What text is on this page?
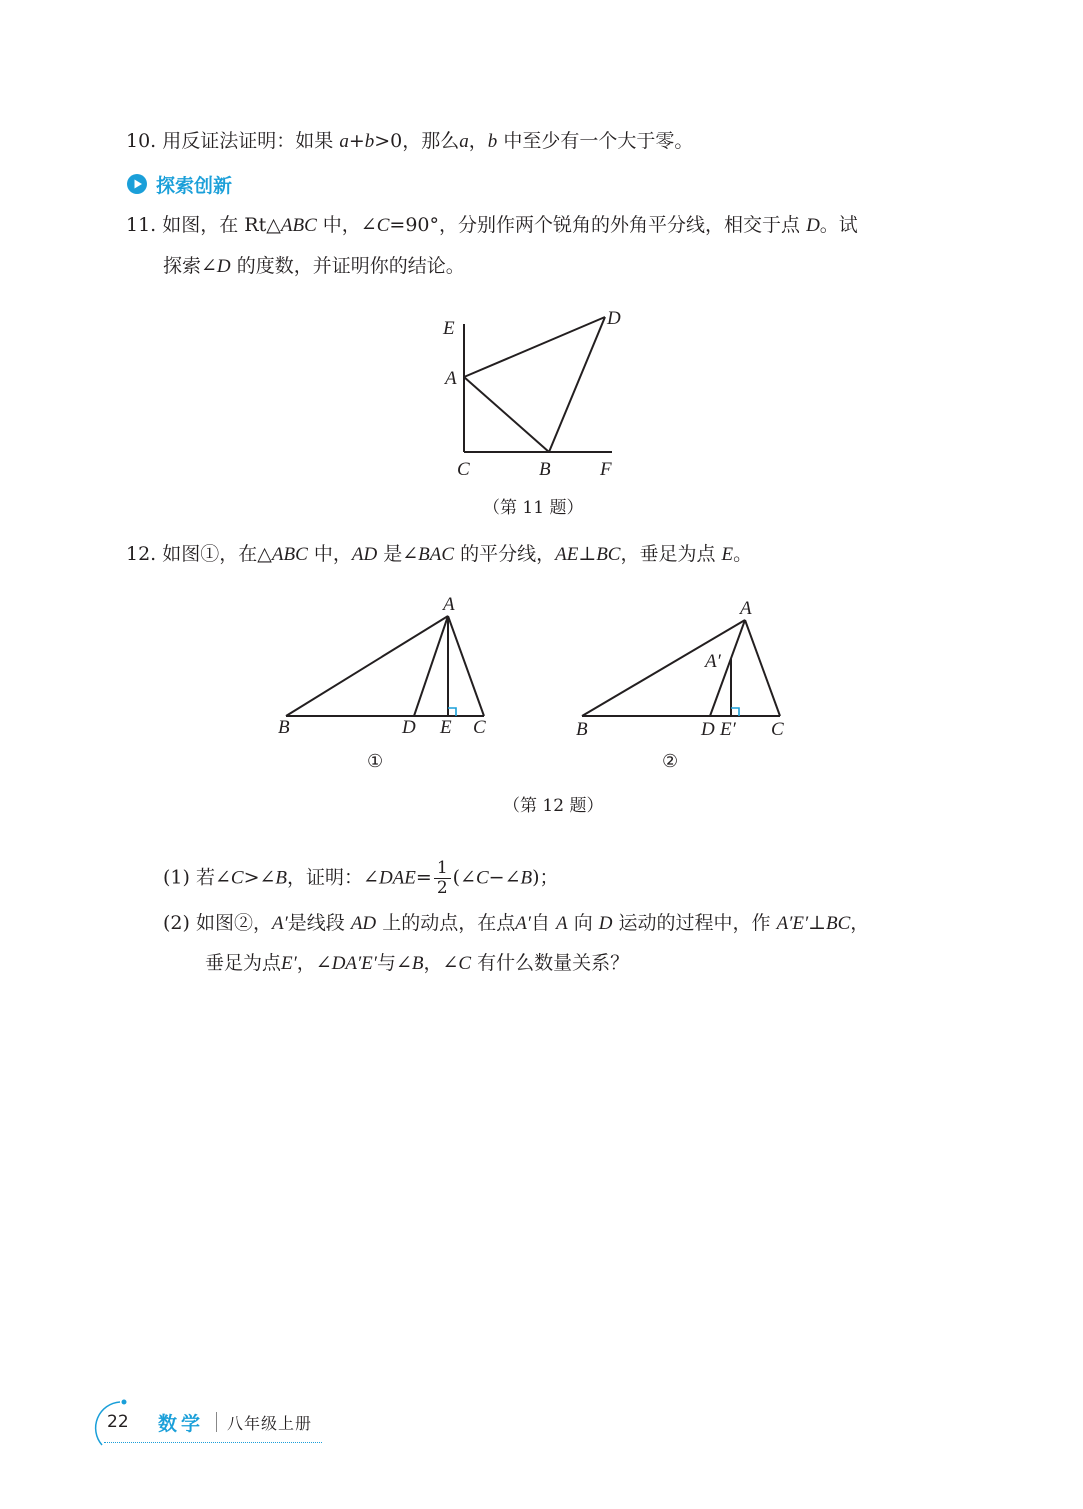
10. 用反证法证明：如果 a+b>0，那么a，b 中至少有一个大于零。
探索创新
11. 如图，在 Rt△ABC 中，∠C=90°，分别作两个锐角的外角平分线，相交于点 D。试
探索∠D 的度数，并证明你的结论。
E	D
A
C	B	F
（第 11 题）
12. 如图①，在△ABC 中，AD 是∠BAC 的平分线，AE⊥BC，垂足为点 E。
A
B	D E C
①
A
A′
B	D E′ C
②
（第 12 题）
(1) 若∠C>∠B，证明：∠DAE= $\frac{1}{2}$ (∠C−∠B)；
(2) 如图②，A′是线段 AD 上的动点，在点A′自 A 向 D 运动的过程中，作 A′E′⊥BC，
垂足为点E′，∠DA′E′与∠B，∠C 有什么数量关系？
22 数学 八年级上册
